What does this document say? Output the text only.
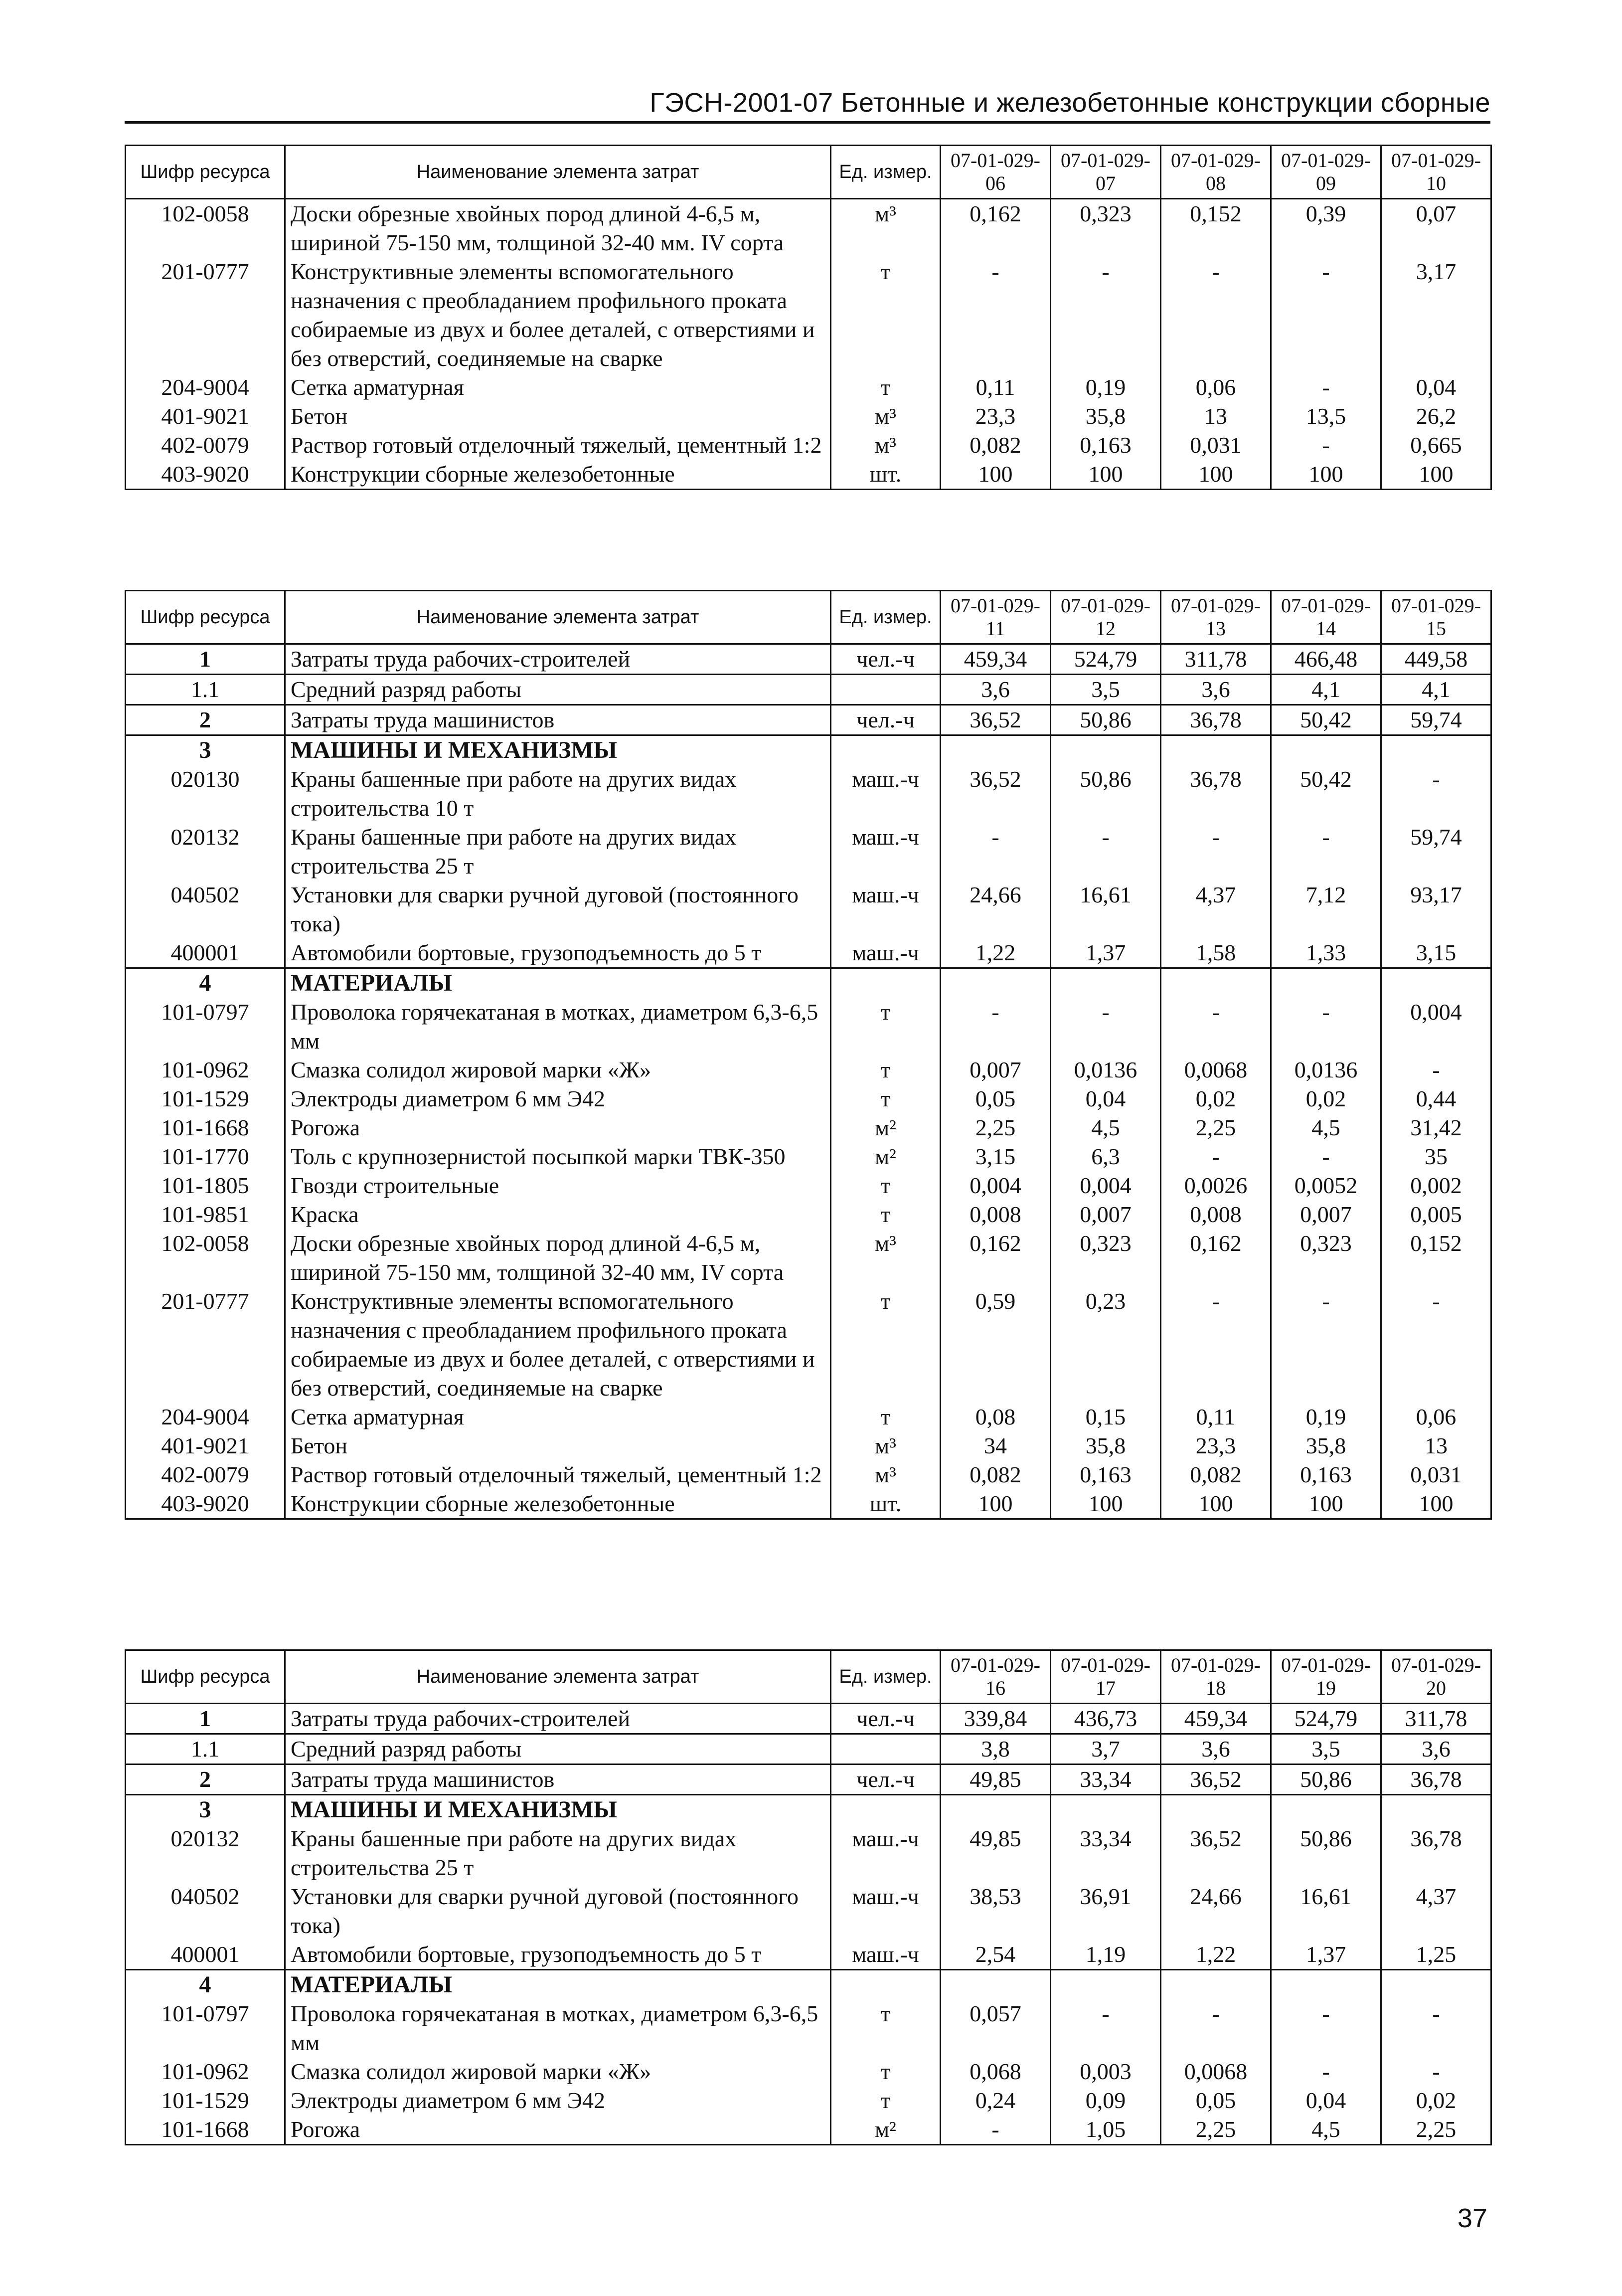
ГЭСН-2001-07 Бетонные и железобетонные конструкции сборные
Шифр ресурса	Наименование элемента затрат	Ед. измер.	07-01-029-06	07-01-029-07	07-01-029-08	07-01-029-09	07-01-029-10
102-0058	Доски обрезные хвойных пород длиной 4-6,5 м, шириной 75-150 мм, толщиной 32-40 мм. IV сорта	м³	0,162	0,323	0,152	0,39	0,07
201-0777	Конструктивные элементы вспомогательного назначения с преобладанием профильного проката собираемые из двух и более деталей, с отверстиями и без отверстий, соединяемые на сварке	т	-	-	-	-	3,17
204-9004	Сетка арматурная	т	0,11	0,19	0,06	-	0,04
401-9021	Бетон	м³	23,3	35,8	13	13,5	26,2
402-0079	Раствор готовый отделочный тяжелый, цементный 1:2	м³	0,082	0,163	0,031	-	0,665
403-9020	Конструкции сборные железобетонные	шт.	100	100	100	100	100
Шифр ресурса	Наименование элемента затрат	Ед. измер.	07-01-029-11	07-01-029-12	07-01-029-13	07-01-029-14	07-01-029-15
1	Затраты труда рабочих-строителей	чел.-ч	459,34	524,79	311,78	466,48	449,58
1.1	Средний разряд работы		3,6	3,5	3,6	4,1	4,1
2	Затраты труда машинистов	чел.-ч	36,52	50,86	36,78	50,42	59,74
3	МАШИНЫ И МЕХАНИЗМЫ						
020130	Краны башенные при работе на других видах строительства 10 т	маш.-ч	36,52	50,86	36,78	50,42	-
020132	Краны башенные при работе на других видах строительства 25 т	маш.-ч	-	-	-	-	59,74
040502	Установки для сварки ручной дуговой (постоянного тока)	маш.-ч	24,66	16,61	4,37	7,12	93,17
400001	Автомобили бортовые, грузоподъемность до 5 т	маш.-ч	1,22	1,37	1,58	1,33	3,15
4	МАТЕРИАЛЫ						
101-0797	Проволока горячекатаная в мотках, диаметром 6,3-6,5 мм	т	-	-	-	-	0,004
101-0962	Смазка солидол жировой марки «Ж»	т	0,007	0,0136	0,0068	0,0136	-
101-1529	Электроды диаметром 6 мм Э42	т	0,05	0,04	0,02	0,02	0,44
101-1668	Рогожа	м²	2,25	4,5	2,25	4,5	31,42
101-1770	Толь с крупнозернистой посыпкой марки ТВК-350	м²	3,15	6,3	-	-	35
101-1805	Гвозди строительные	т	0,004	0,004	0,0026	0,0052	0,002
101-9851	Краска	т	0,008	0,007	0,008	0,007	0,005
102-0058	Доски обрезные хвойных пород длиной 4-6,5 м, шириной 75-150 мм, толщиной 32-40 мм, IV сорта	м³	0,162	0,323	0,162	0,323	0,152
201-0777	Конструктивные элементы вспомогательного назначения с преобладанием профильного проката собираемые из двух и более деталей, с отверстиями и без отверстий, соединяемые на сварке	т	0,59	0,23	-	-	-
204-9004	Сетка арматурная	т	0,08	0,15	0,11	0,19	0,06
401-9021	Бетон	м³	34	35,8	23,3	35,8	13
402-0079	Раствор готовый отделочный тяжелый, цементный 1:2	м³	0,082	0,163	0,082	0,163	0,031
403-9020	Конструкции сборные железобетонные	шт.	100	100	100	100	100
Шифр ресурса	Наименование элемента затрат	Ед. измер.	07-01-029-16	07-01-029-17	07-01-029-18	07-01-029-19	07-01-029-20
1	Затраты труда рабочих-строителей	чел.-ч	339,84	436,73	459,34	524,79	311,78
1.1	Средний разряд работы		3,8	3,7	3,6	3,5	3,6
2	Затраты труда машинистов	чел.-ч	49,85	33,34	36,52	50,86	36,78
3	МАШИНЫ И МЕХАНИЗМЫ						
020132	Краны башенные при работе на других видах строительства 25 т	маш.-ч	49,85	33,34	36,52	50,86	36,78
040502	Установки для сварки ручной дуговой (постоянного тока)	маш.-ч	38,53	36,91	24,66	16,61	4,37
400001	Автомобили бортовые, грузоподъемность до 5 т	маш.-ч	2,54	1,19	1,22	1,37	1,25
4	МАТЕРИАЛЫ						
101-0797	Проволока горячекатаная в мотках, диаметром 6,3-6,5 мм	т	0,057	-	-	-	-
101-0962	Смазка солидол жировой марки «Ж»	т	0,068	0,003	0,0068	-	-
101-1529	Электроды диаметром 6 мм Э42	т	0,24	0,09	0,05	0,04	0,02
101-1668	Рогожа	м²	-	1,05	2,25	4,5	2,25
37
